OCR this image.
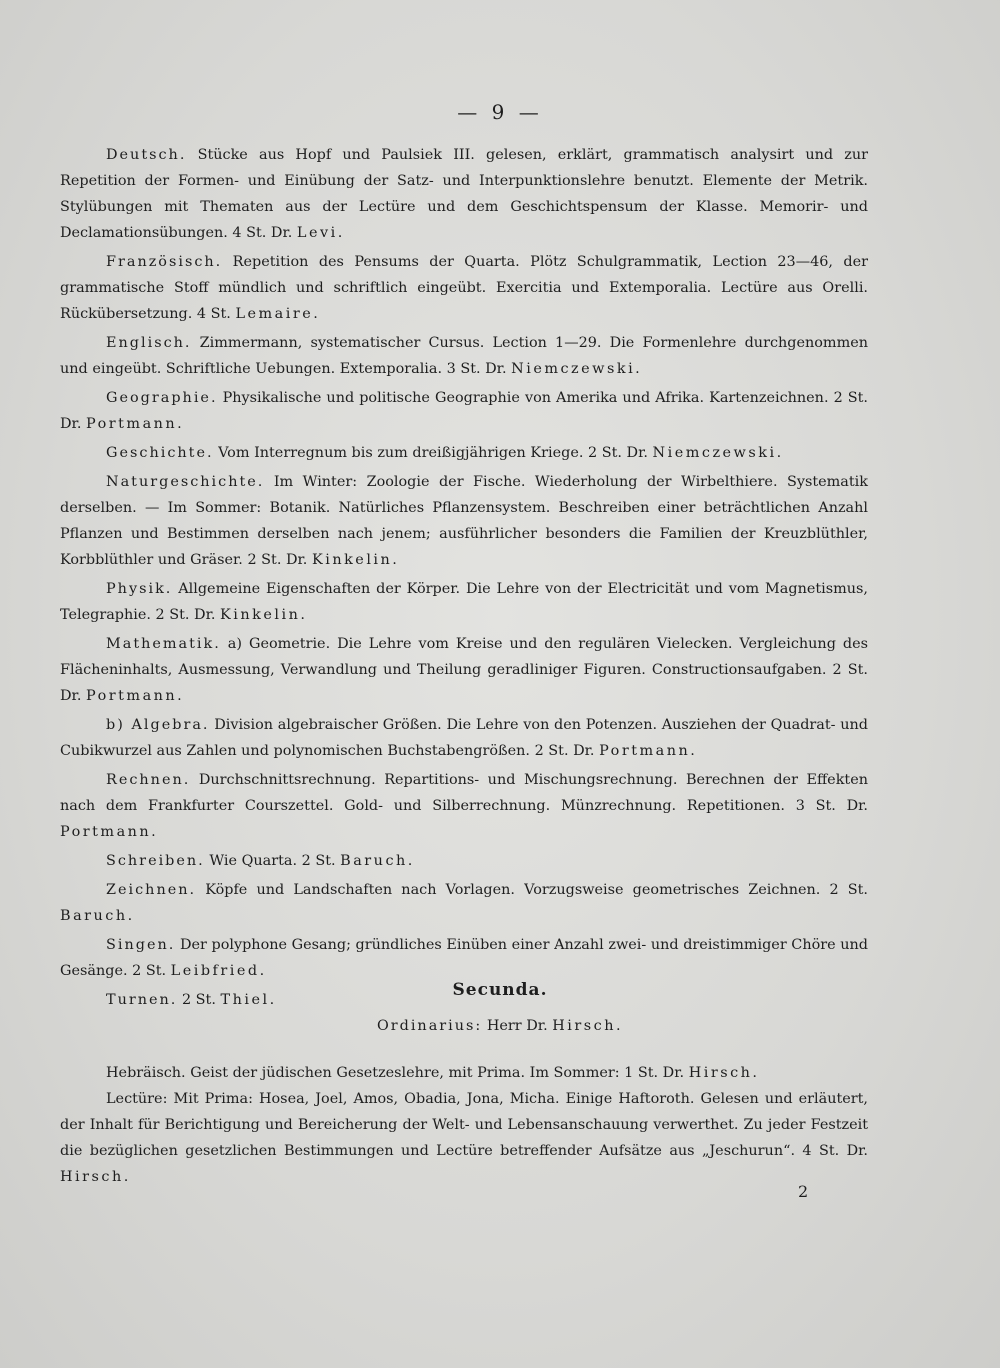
— 9 —

Deutsch. Stücke aus Hopf und Paulsiek III. gelesen, erklärt, grammatisch analysirt und zur Repetition der Formen- und Einübung der Satz- und Interpunktionslehre benutzt. Elemente der Metrik. Stylübungen mit Thematen aus der Lectüre und dem Geschichtspensum der Klasse. Memorir- und Declamationsübungen. 4 St. Dr. Levi.

Französisch. Repetition des Pensums der Quarta. Plötz Schulgrammatik, Lection 23—46, der grammatische Stoff mündlich und schriftlich eingeübt. Exercitia und Extemporalia. Lectüre aus Orelli. Rückübersetzung. 4 St. Lemaire.

Englisch. Zimmermann, systematischer Cursus. Lection 1—29. Die Formenlehre durchgenommen und eingeübt. Schriftliche Uebungen. Extemporalia. 3 St. Dr. Niemczewski.

Geographie. Physikalische und politische Geographie von Amerika und Afrika. Kartenzeichnen. 2 St. Dr. Portmann.

Geschichte. Vom Interregnum bis zum dreißigjährigen Kriege. 2 St. Dr. Niemczewski.

Naturgeschichte. Im Winter: Zoologie der Fische. Wiederholung der Wirbelthiere. Systematik derselben. — Im Sommer: Botanik. Natürliches Pflanzensystem. Beschreiben einer beträchtlichen Anzahl Pflanzen und Bestimmen derselben nach jenem; ausführlicher besonders die Familien der Kreuzblüthler, Korbblüthler und Gräser. 2 St. Dr. Kinkelin.

Physik. Allgemeine Eigenschaften der Körper. Die Lehre von der Electricität und vom Magnetismus, Telegraphie. 2 St. Dr. Kinkelin.

Mathematik. a) Geometrie. Die Lehre vom Kreise und den regulären Vielecken. Vergleichung des Flächeninhalts, Ausmessung, Verwandlung und Theilung geradliniger Figuren. Constructionsaufgaben. 2 St. Dr. Portmann.

b) Algebra. Division algebraischer Größen. Die Lehre von den Potenzen. Ausziehen der Quadrat- und Cubikwurzel aus Zahlen und polynomischen Buchstabengrößen. 2 St. Dr. Portmann.

Rechnen. Durchschnittsrechnung. Repartitions- und Mischungsrechnung. Berechnen der Effekten nach dem Frankfurter Courszettel. Gold- und Silberrechnung. Münzrechnung. Repetitionen. 3 St. Dr. Portmann.

Schreiben. Wie Quarta. 2 St. Baruch.

Zeichnen. Köpfe und Landschaften nach Vorlagen. Vorzugsweise geometrisches Zeichnen. 2 St. Baruch.

Singen. Der polyphone Gesang; gründliches Einüben einer Anzahl zwei- und dreistimmiger Chöre und Gesänge. 2 St. Leibfried.

Turnen. 2 St. Thiel.	Secunda.
Ordinarius: Herr Dr. Hirsch.

Hebräisch. Geist der jüdischen Gesetzeslehre, mit Prima. Im Sommer: 1 St. Dr. Hirsch.

Lectüre: Mit Prima: Hosea, Joel, Amos, Obadia, Jona, Micha. Einige Haftoroth. Gelesen und erläutert, der Inhalt für Berichtigung und Bereicherung der Welt- und Lebensanschauung verwerthet. Zu jeder Festzeit die bezüglichen gesetzlichen Bestimmungen und Lectüre betreffender Aufsätze aus „Jeschurun“. 4 St. Dr. Hirsch.

2
